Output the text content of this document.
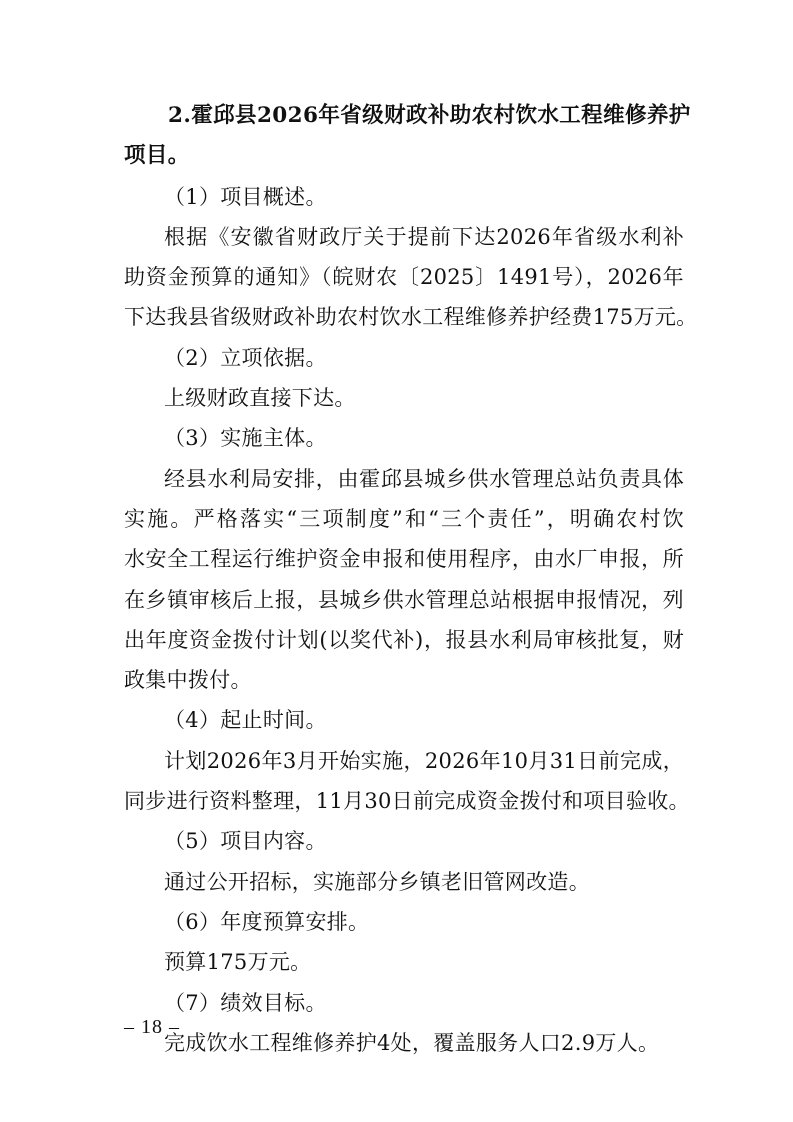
2.霍邱县2026年省级财政补助农村饮水工程维修养护
项目。
（1）项目概述。
根据《安徽省财政厅关于提前下达2026年省级水利补
助资金预算的通知》（皖财农〔2025〕1491号），2026年
下达我县省级财政补助农村饮水工程维修养护经费175万元。
（2）立项依据。
上级财政直接下达。
（3）实施主体。
经县水利局安排，由霍邱县城乡供水管理总站负责具体
实施。严格落实“三项制度”和“三个责任”，明确农村饮
水安全工程运行维护资金申报和使用程序，由水厂申报，所
在乡镇审核后上报，县城乡供水管理总站根据申报情况，列
出年度资金拨付计划(以奖代补)，报县水利局审核批复，财
政集中拨付。
（4）起止时间。
计划2026年3月开始实施，2026年10月31日前完成，
同步进行资料整理，11月30日前完成资金拨付和项目验收。
（5）项目内容。
通过公开招标，实施部分乡镇老旧管网改造。
（6）年度预算安排。
预算175万元。
（7）绩效目标。
完成饮水工程维修养护4处，覆盖服务人口2.9万人。
– 18 –
